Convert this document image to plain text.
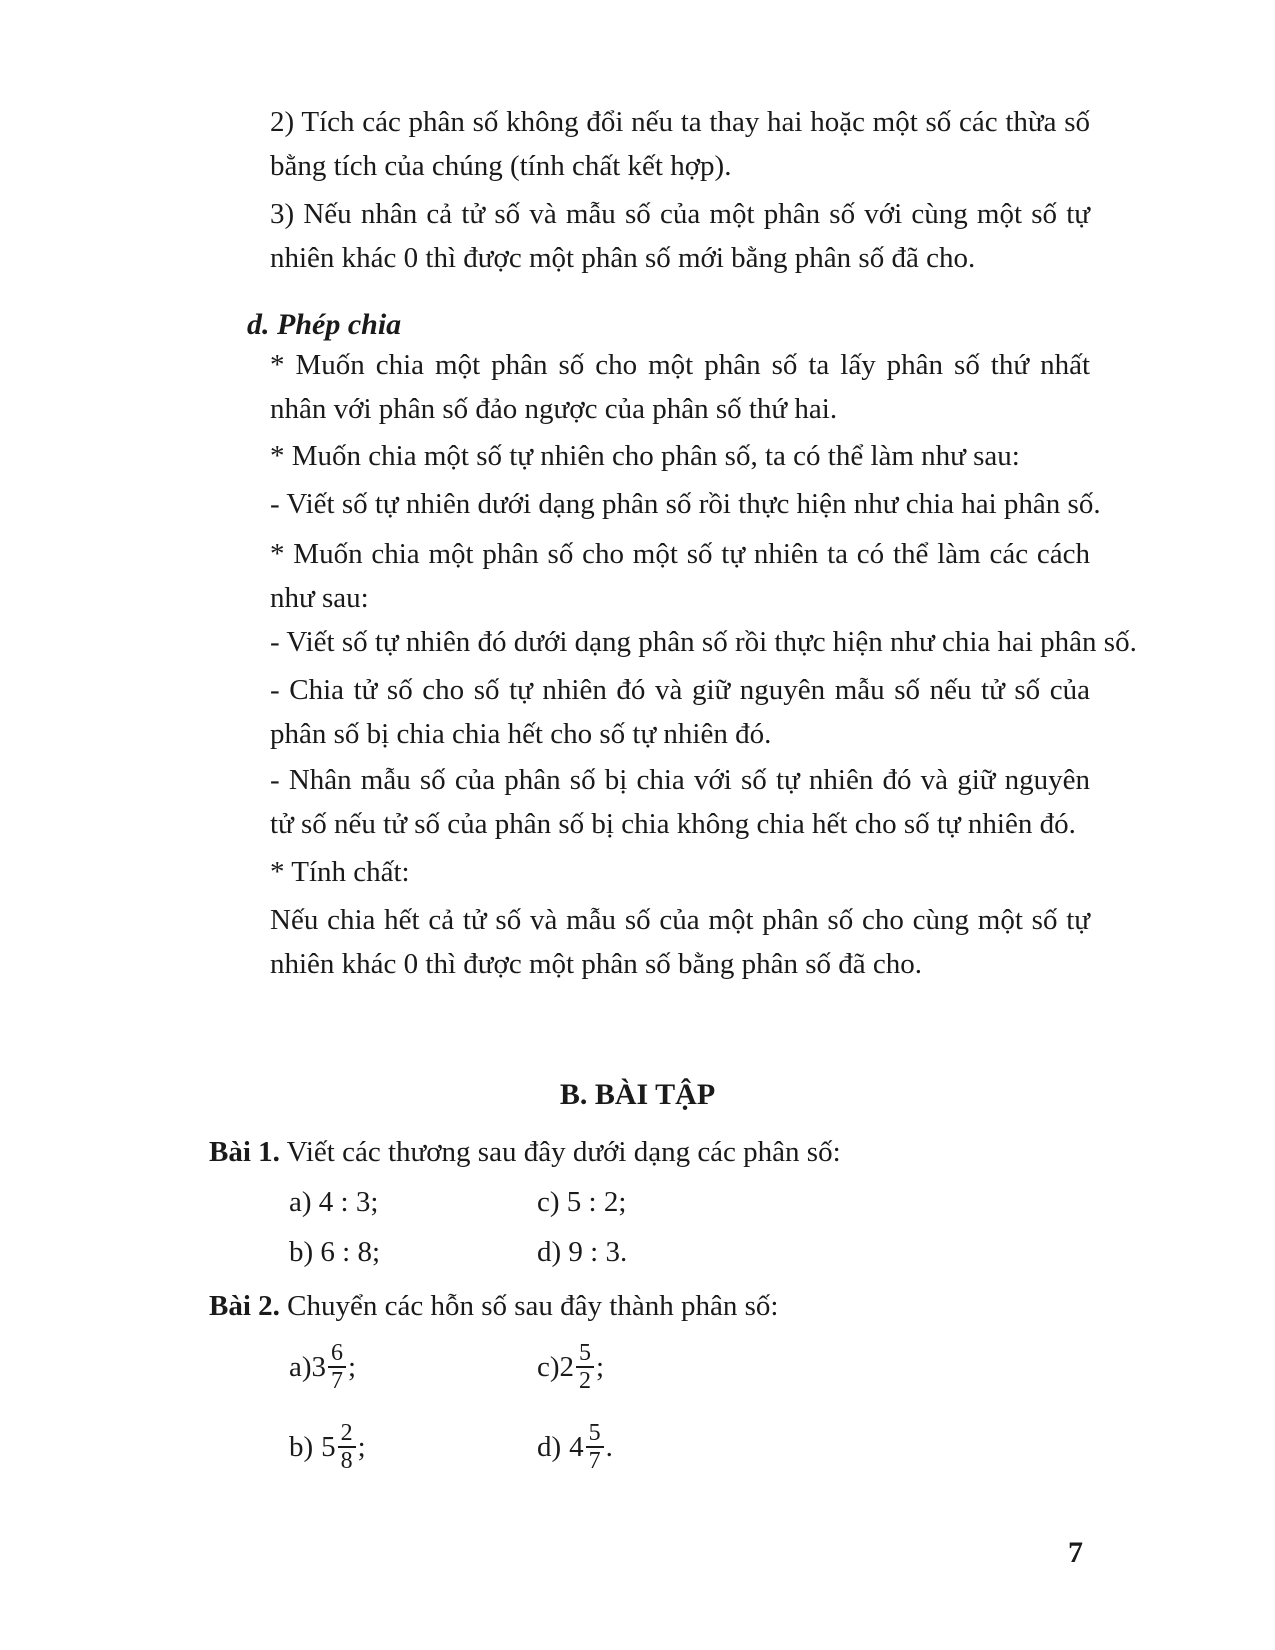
2) Tích các phân số không đổi nếu ta thay hai hoặc một số các thừa số bằng tích của chúng (tính chất kết hợp).

3) Nếu nhân cả tử số và mẫu số của một phân số với cùng một số tự nhiên khác 0 thì được một phân số mới bằng phân số đã cho.

d. Phép chia

* Muốn chia một phân số cho một phân số ta lấy phân số thứ nhất nhân với phân số đảo ngược của phân số thứ hai.

* Muốn chia một số tự nhiên cho phân số, ta có thể làm như sau:
- Viết số tự nhiên dưới dạng phân số rồi thực hiện như chia hai phân số.

* Muốn chia một phân số cho một số tự nhiên ta có thể làm các cách như sau:

- Viết số tự nhiên đó dưới dạng phân số rồi thực hiện như chia hai phân số.

- Chia tử số cho số tự nhiên đó và giữ nguyên mẫu số nếu tử số của phân số bị chia chia hết cho số tự nhiên đó.

- Nhân mẫu số của phân số bị chia với số tự nhiên đó và giữ nguyên tử số nếu tử số của phân số bị chia không chia hết cho số tự nhiên đó.

* Tính chất:

Nếu chia hết cả tử số và mẫu số của một phân số cho cùng một số tự nhiên khác 0 thì được một phân số bằng phân số đã cho.

B. BÀI TẬP
Bài 1. Viết các thương sau đây dưới dạng các phân số:
a) 4 : 3;	c) 5 : 2;
b) 6 : 8;	d) 9 : 3.
Bài 2. Chuyển các hỗn số sau đây thành phân số:
a) $3 \frac{6}{7}$ ;	c) $2 \frac{5}{2}$ ;
b) $5 \frac{2}{8}$ ;	d) $4 \frac{5}{7}$ .
7
